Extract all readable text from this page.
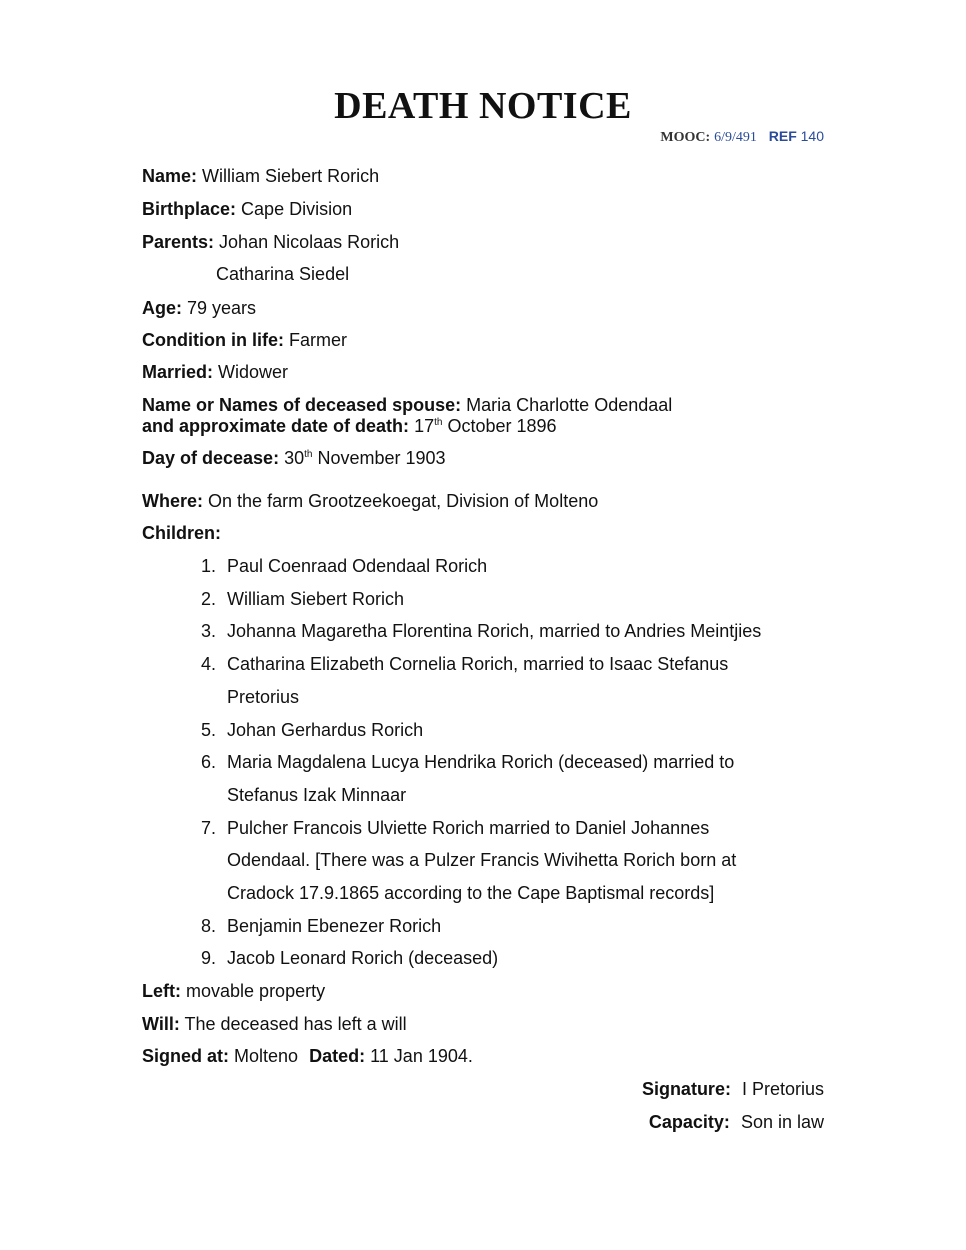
DEATH NOTICE
MOOC: 6/9/491 REF 140
Name: William Siebert Rorich
Birthplace: Cape Division
Parents: Johan Nicolaas Rorich
Catharina Siedel
Age: 79 years
Condition in life: Farmer
Married: Widower
Name or Names of deceased spouse: Maria Charlotte Odendaal
and approximate date of death: 17th October 1896
Day of decease: 30th November 1903
Where: On the farm Grootzeekoegat, Division of Molteno
Children:
1. Paul Coenraad Odendaal Rorich
2. William Siebert Rorich
3. Johanna Magaretha Florentina Rorich, married to Andries Meintjies
4. Catharina Elizabeth Cornelia Rorich, married to Isaac Stefanus
Pretorius
5. Johan Gerhardus Rorich
6. Maria Magdalena Lucya Hendrika Rorich (deceased) married to
Stefanus Izak Minnaar
7. Pulcher Francois Ulviette Rorich married to Daniel Johannes
Odendaal. [There was a Pulzer Francis Wivihetta Rorich born at
Cradock 17.9.1865 according to the Cape Baptismal records]
8. Benjamin Ebenezer Rorich
9. Jacob Leonard Rorich (deceased)
Left: movable property
Will: The deceased has left a will
Signed at: Molteno Dated: 11 Jan 1904.
Signature: I Pretorius
Capacity: Son in law
